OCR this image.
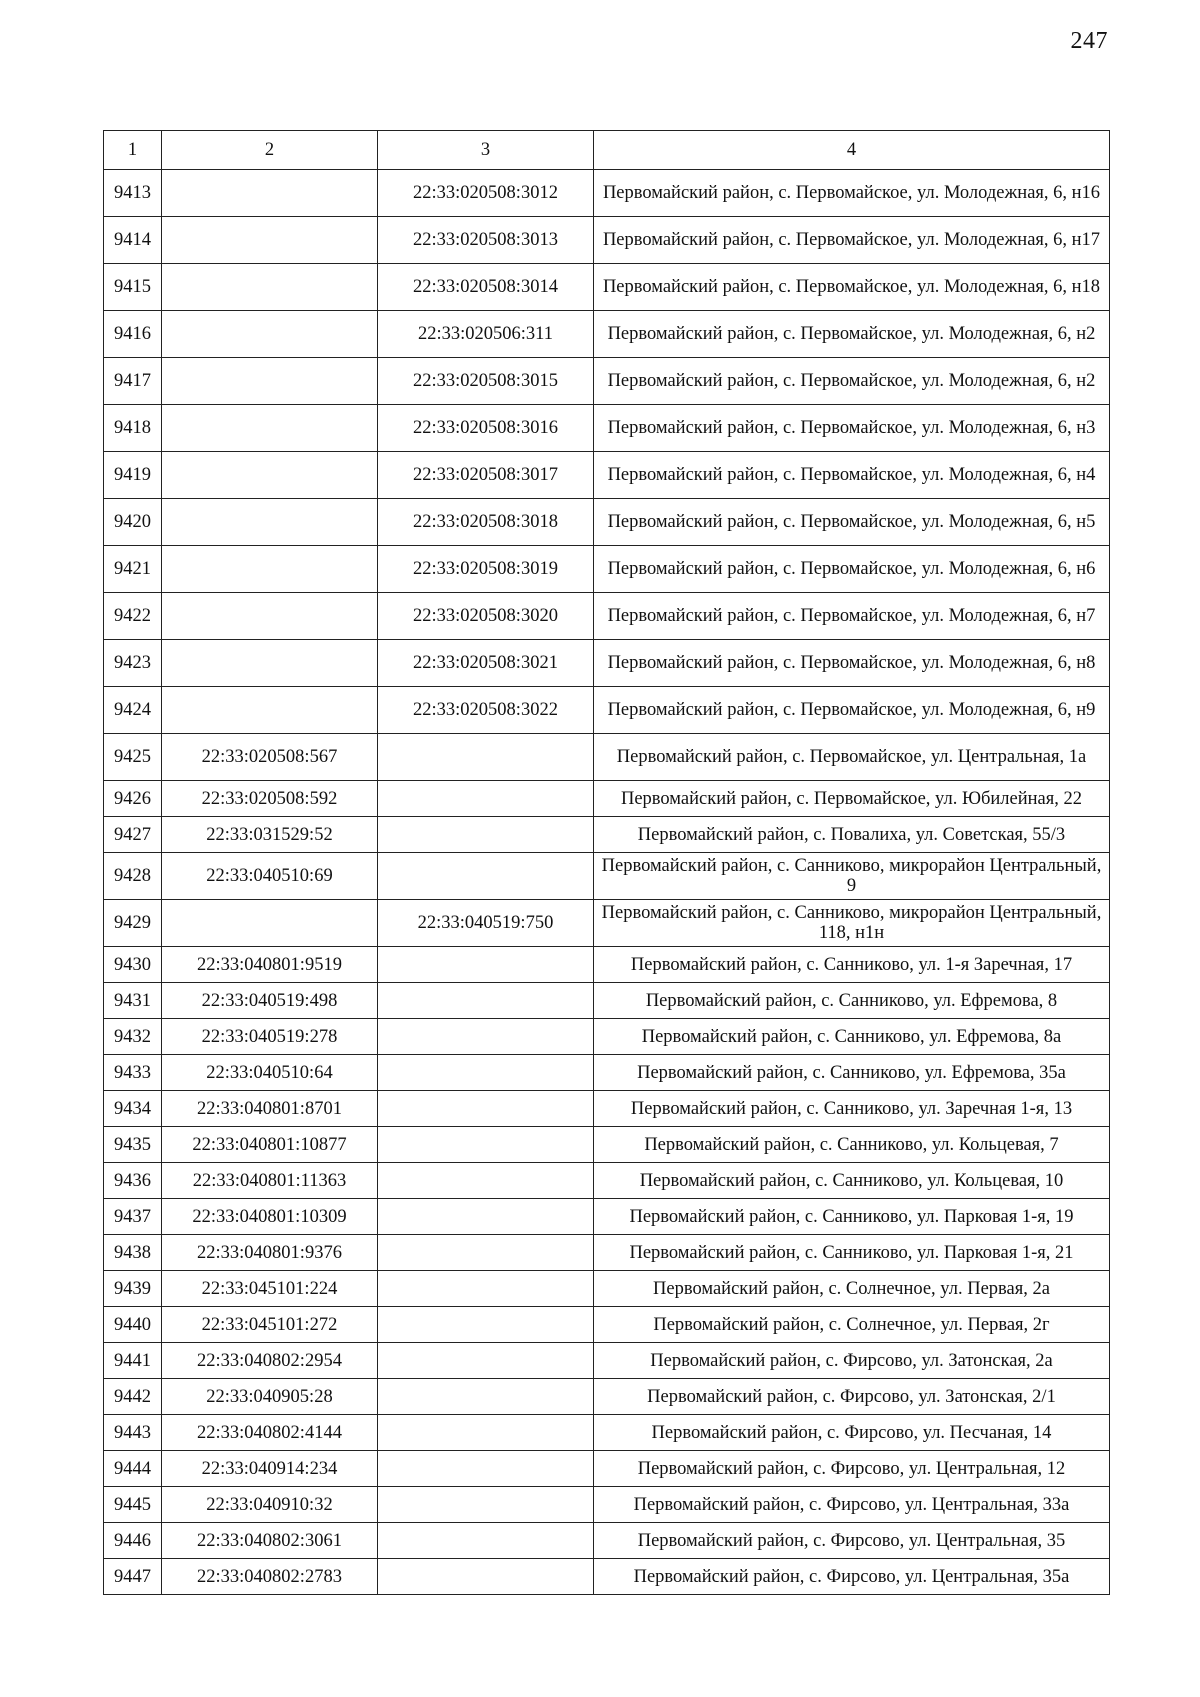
247
1	2	3	4
9413		22:33:020508:3012	Первомайский район, с. Первомайское, ул. Молодежная, 6, н16
9414		22:33:020508:3013	Первомайский район, с. Первомайское, ул. Молодежная, 6, н17
9415		22:33:020508:3014	Первомайский район, с. Первомайское, ул. Молодежная, 6, н18
9416		22:33:020506:311	Первомайский район, с. Первомайское, ул. Молодежная, 6, н2
9417		22:33:020508:3015	Первомайский район, с. Первомайское, ул. Молодежная, 6, н2
9418		22:33:020508:3016	Первомайский район, с. Первомайское, ул. Молодежная, 6, н3
9419		22:33:020508:3017	Первомайский район, с. Первомайское, ул. Молодежная, 6, н4
9420		22:33:020508:3018	Первомайский район, с. Первомайское, ул. Молодежная, 6, н5
9421		22:33:020508:3019	Первомайский район, с. Первомайское, ул. Молодежная, 6, н6
9422		22:33:020508:3020	Первомайский район, с. Первомайское, ул. Молодежная, 6, н7
9423		22:33:020508:3021	Первомайский район, с. Первомайское, ул. Молодежная, 6, н8
9424		22:33:020508:3022	Первомайский район, с. Первомайское, ул. Молодежная, 6, н9
9425	22:33:020508:567		Первомайский район, с. Первомайское, ул. Центральная, 1а
9426	22:33:020508:592		Первомайский район, с. Первомайское, ул. Юбилейная, 22
9427	22:33:031529:52		Первомайский район, с. Повалиха, ул. Советская, 55/3
9428	22:33:040510:69		Первомайский район, с. Санниково, микрорайон Центральный, 9
9429		22:33:040519:750	Первомайский район, с. Санниково, микрорайон Центральный, 118, н1н
9430	22:33:040801:9519		Первомайский район, с. Санниково, ул. 1-я Заречная, 17
9431	22:33:040519:498		Первомайский район, с. Санниково, ул. Ефремова, 8
9432	22:33:040519:278		Первомайский район, с. Санниково, ул. Ефремова, 8а
9433	22:33:040510:64		Первомайский район, с. Санниково, ул. Ефремова, 35а
9434	22:33:040801:8701		Первомайский район, с. Санниково, ул. Заречная 1-я, 13
9435	22:33:040801:10877		Первомайский район, с. Санниково, ул. Кольцевая, 7
9436	22:33:040801:11363		Первомайский район, с. Санниково, ул. Кольцевая, 10
9437	22:33:040801:10309		Первомайский район, с. Санниково, ул. Парковая 1-я, 19
9438	22:33:040801:9376		Первомайский район, с. Санниково, ул. Парковая 1-я, 21
9439	22:33:045101:224		Первомайский район, с. Солнечное, ул. Первая, 2а
9440	22:33:045101:272		Первомайский район, с. Солнечное, ул. Первая, 2г
9441	22:33:040802:2954		Первомайский район, с. Фирсово, ул. Затонская, 2а
9442	22:33:040905:28		Первомайский район, с. Фирсово, ул. Затонская, 2/1
9443	22:33:040802:4144		Первомайский район, с. Фирсово, ул. Песчаная, 14
9444	22:33:040914:234		Первомайский район, с. Фирсово, ул. Центральная, 12
9445	22:33:040910:32		Первомайский район, с. Фирсово, ул. Центральная, 33а
9446	22:33:040802:3061		Первомайский район, с. Фирсово, ул. Центральная, 35
9447	22:33:040802:2783		Первомайский район, с. Фирсово, ул. Центральная, 35а
